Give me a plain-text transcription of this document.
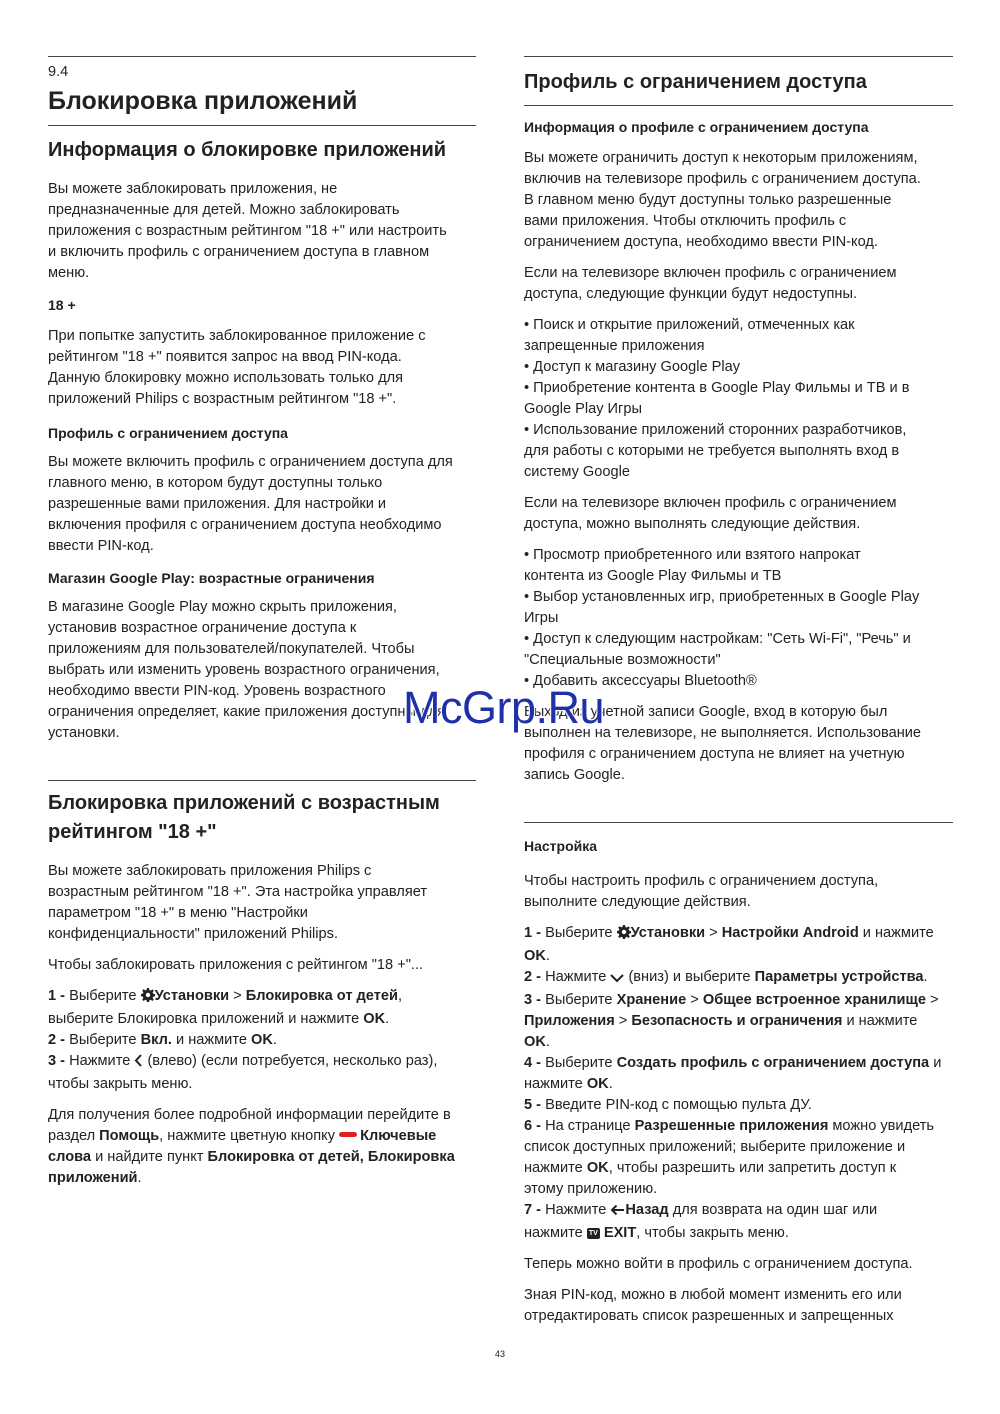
9.4
Блокировка приложений
Информация о блокировке приложений

Вы можете заблокировать приложения, не
предназначенные для детей. Можно заблокировать
приложения с возрастным рейтингом "18 +" или настроить
и включить профиль с ограничением доступа в главном
меню.

18 +

При попытке запустить заблокированное приложение с
рейтингом "18 +" появится запрос на ввод PIN-кода.
Данную блокировку можно использовать только для
приложений Philips с возрастным рейтингом "18 +".

Профиль с ограничением доступа

Вы можете включить профиль с ограничением доступа для
главного меню, в котором будут доступны только
разрешенные вами приложения. Для настройки и
включения профиля с ограничением доступа необходимо
ввести PIN-код.

Магазин Google Play: возрастные ограничения

В магазине Google Play можно скрыть приложения,
установив возрастное ограничение доступа к
приложениям для пользователей/покупателей. Чтобы
выбрать или изменить уровень возрастного ограничения,
необходимо ввести PIN-код. Уровень возрастного
ограничения определяет, какие приложения доступны для
установки.

Блокировка приложений с возрастным
рейтингом "18 +"

Вы можете заблокировать приложения Philips с
возрастным рейтингом "18 +". Эта настройка управляет
параметром "18 +" в меню "Настройки
конфиденциальности" приложений Philips.

Чтобы заблокировать приложения с рейтингом "18 +"...

1 - Выберите Установки > Блокировка от детей,
выберите Блокировка приложений и нажмите OK.
2 - Выберите Вкл. и нажмите OK.
3 - Нажмите  (влево) (если потребуется, несколько раз),
чтобы закрыть меню.

Для получения более подробной информации перейдите в
раздел Помощь, нажмите цветную кнопку Ключевые
слова и найдите пункт Блокировка от детей, Блокировка
приложений.

Профиль с ограничением доступа
Информация о профиле с ограничением доступа

Вы можете ограничить доступ к некоторым приложениям,
включив на телевизоре профиль с ограничением доступа.
В главном меню будут доступны только разрешенные
вами приложения. Чтобы отключить профиль с
ограничением доступа, необходимо ввести PIN-код.

Если на телевизоре включен профиль с ограничением
доступа, следующие функции будут недоступны.

• Поиск и открытие приложений, отмеченных как
запрещенные приложения
• Доступ к магазину Google Play
• Приобретение контента в Google Play Фильмы и ТВ и в
Google Play Игры
• Использование приложений сторонних разработчиков,
для работы с которыми не требуется выполнять вход в
систему Google

Если на телевизоре включен профиль с ограничением
доступа, можно выполнять следующие действия.

• Просмотр приобретенного или взятого напрокат
контента из Google Play Фильмы и ТВ
• Выбор установленных игр, приобретенных в Google Play
Игры
• Доступ к следующим настройкам: "Сеть Wi-Fi", "Речь" и
"Специальные возможности"
• Добавить аксессуары Bluetooth®

Выход из учетной записи Google, вход в которую был
выполнен на телевизоре, не выполняется. Использование
профиля с ограничением доступа не влияет на учетную
запись Google.

Настройка

Чтобы настроить профиль с ограничением доступа,
выполните следующие действия.

1 - Выберите Установки > Настройки Android и нажмите
OK.
2 - Нажмите  (вниз) и выберите Параметры устройства.
3 - Выберите Хранение > Общее встроенное хранилище >
Приложения > Безопасность и ограничения и нажмите
OK.
4 - Выберите Создать профиль с ограничением доступа и
нажмите OK.
5 - Введите PIN-код с помощью пульта ДУ.
6 - На странице Разрешенные приложения можно увидеть
список доступных приложений; выберите приложение и
нажмите OK, чтобы разрешить или запретить доступ к
этому приложению.
7 - Нажмите Назад для возврата на один шаг или
нажмите TV EXIT, чтобы закрыть меню.

Теперь можно войти в профиль с ограничением доступа.

Зная PIN-код, можно в любой момент изменить его или
отредактировать список разрешенных и запрещенных

McGrp.Ru
43
